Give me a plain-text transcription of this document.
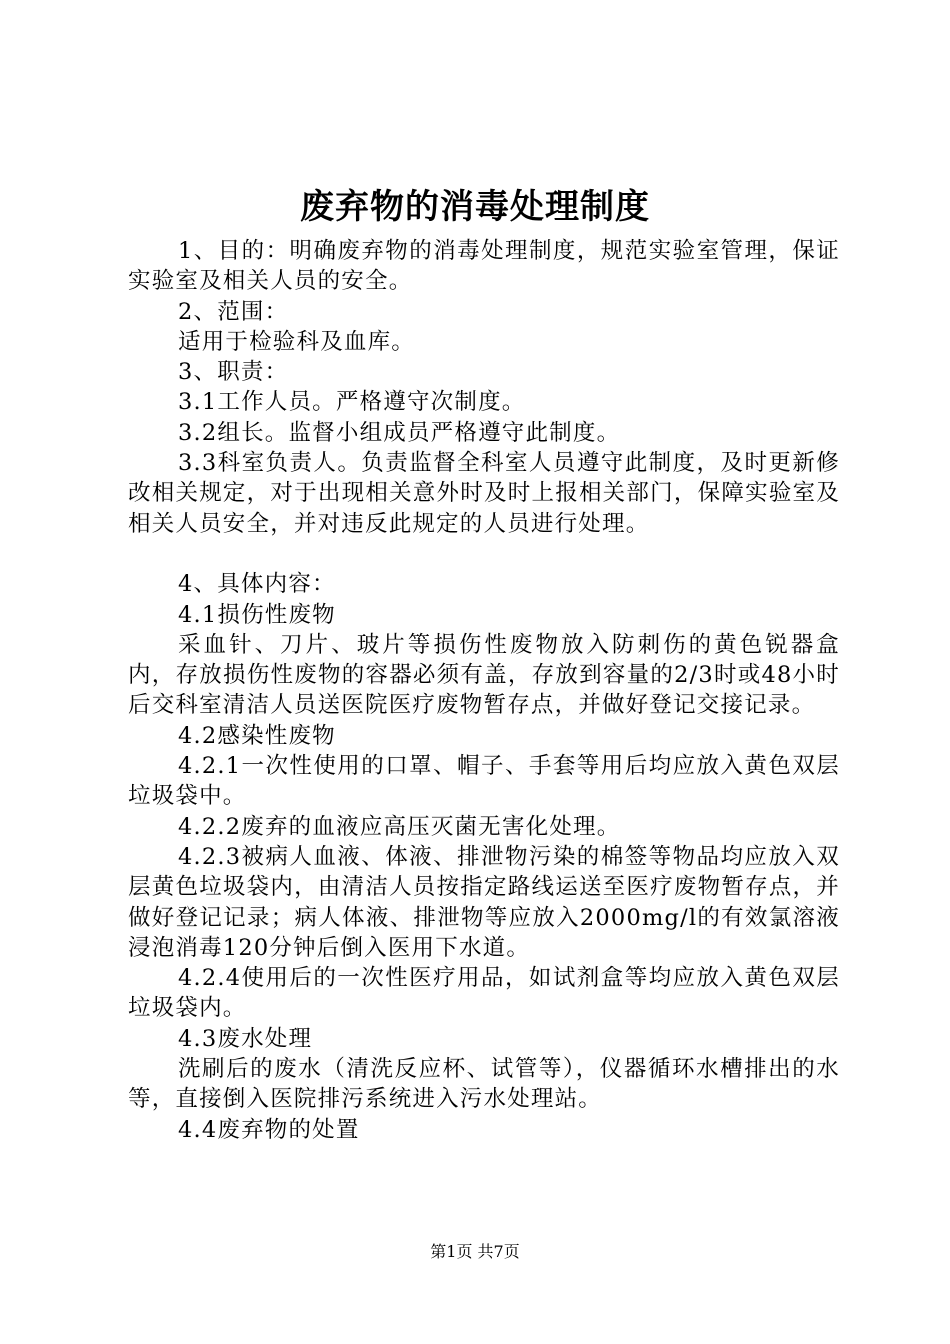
废弃物的消毒处理制度

1、目的：明确废弃物的消毒处理制度，规范实验室管理，保证实验室及相关人员的安全。

2、范围：

适用于检验科及血库。

3、职责：

3.1工作人员。严格遵守次制度。

3.2组长。监督小组成员严格遵守此制度。

3.3科室负责人。负责监督全科室人员遵守此制度，及时更新修改相关规定，对于出现相关意外时及时上报相关部门，保障实验室及相关人员安全，并对违反此规定的人员进行处理。

4、具体内容：

4.1损伤性废物

采血针、刀片、玻片等损伤性废物放入防刺伤的黄色锐器盒内，存放损伤性废物的容器必须有盖，存放到容量的2/3时或48小时后交科室清洁人员送医院医疗废物暂存点，并做好登记交接记录。

4.2感染性废物

4.2.1一次性使用的口罩、帽子、手套等用后均应放入黄色双层垃圾袋中。

4.2.2废弃的血液应高压灭菌无害化处理。

4.2.3被病人血液、体液、排泄物污染的棉签等物品均应放入双层黄色垃圾袋内，由清洁人员按指定路线运送至医疗废物暂存点，并做好登记记录；病人体液、排泄物等应放入2000mg/l的有效氯溶液浸泡消毒120分钟后倒入医用下水道。

4.2.4使用后的一次性医疗用品，如试剂盒等均应放入黄色双层垃圾袋内。

4.3废水处理

洗刷后的废水（清洗反应杯、试管等），仪器循环水槽排出的水等，直接倒入医院排污系统进入污水处理站。

4.4废弃物的处置

第1页 共7页
